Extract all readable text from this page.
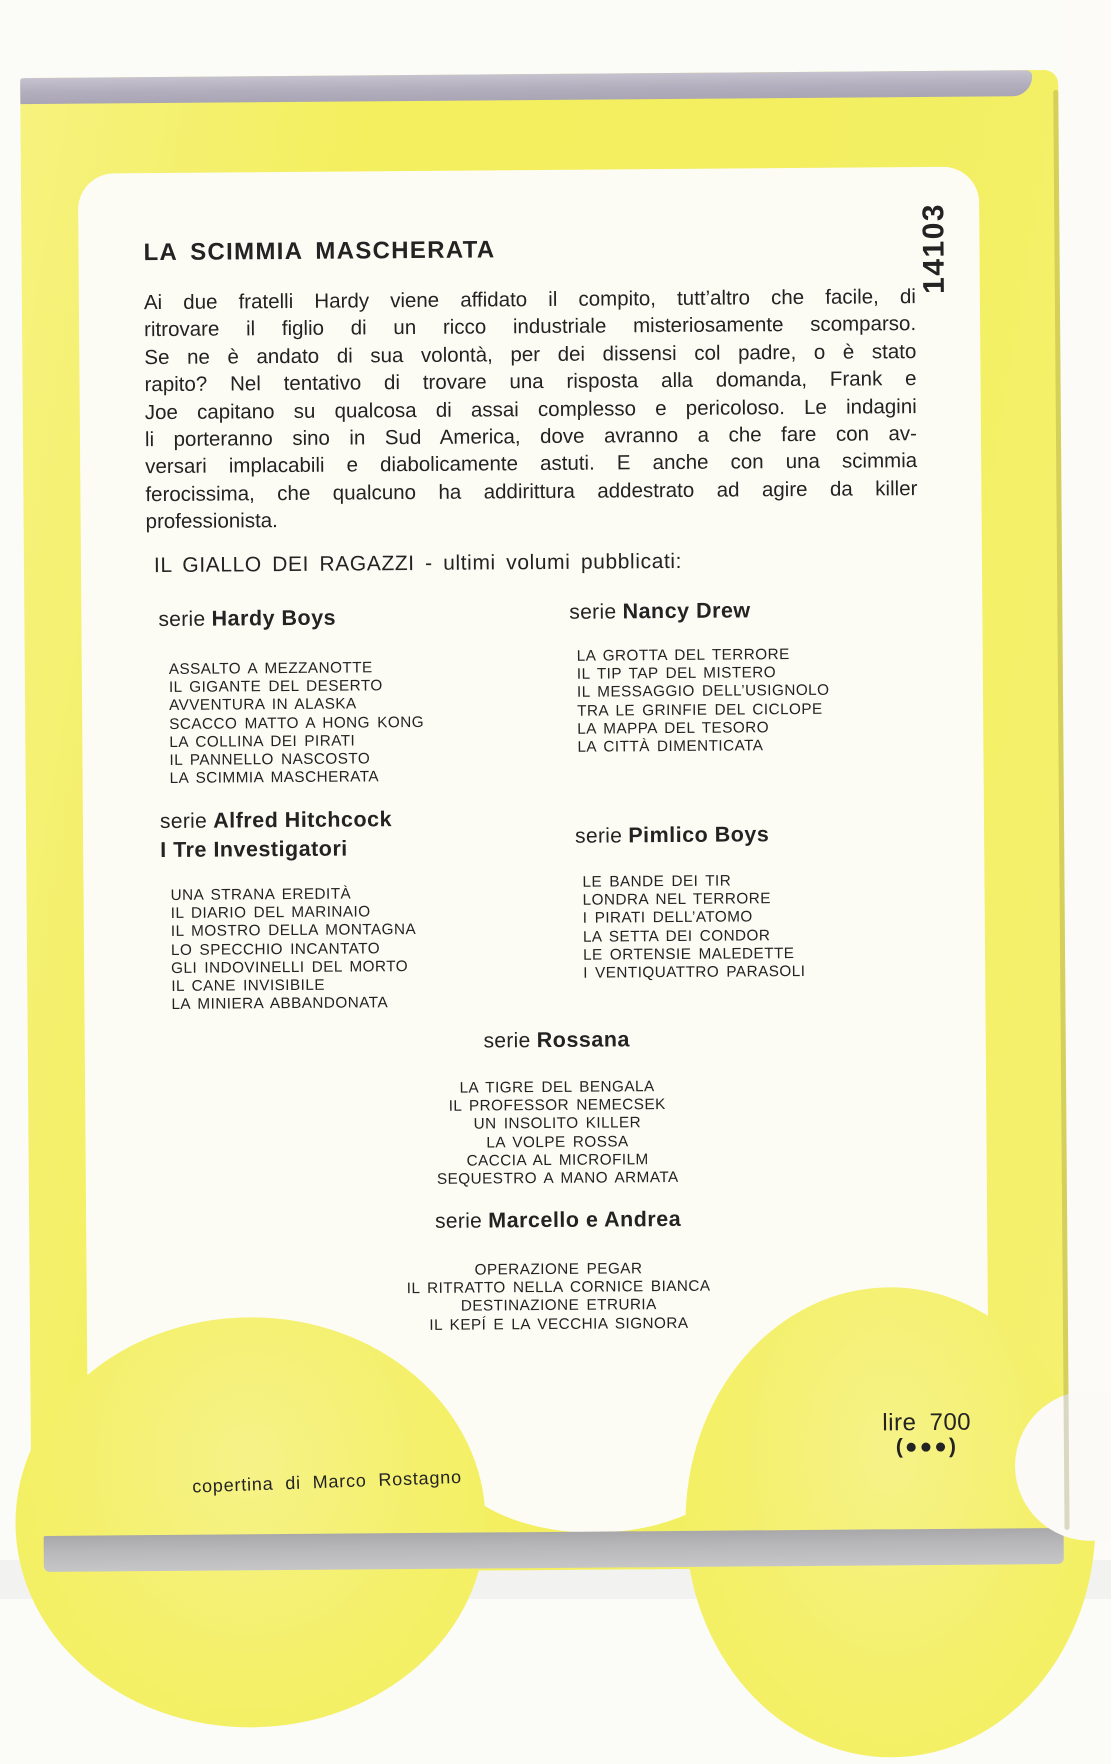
14103
LA SCIMMIA MASCHERATA
Ai due fratelli Hardy viene affidato il compito, tutt’altro che facile, di
ritrovare il figlio di un ricco industriale misteriosamente scomparso.
Se ne è andato di sua volontà, per dei dissensi col padre, o è stato
rapito? Nel tentativo di trovare una risposta alla domanda, Frank e
Joe capitano su qualcosa di assai complesso e pericoloso. Le indagini
li porteranno sino in Sud America, dove avranno a che fare con av-
versari implacabili e diabolicamente astuti. E anche con una scimmia
ferocissima, che qualcuno ha addirittura addestrato ad agire da killer
professionista.
IL GIALLO DEI RAGAZZI - ultimi volumi pubblicati:
serie Hardy Boys
ASSALTO A MEZZANOTTE
IL GIGANTE DEL DESERTO
AVVENTURA IN ALASKA
SCACCO MATTO A HONG KONG
LA COLLINA DEI PIRATI
IL PANNELLO NASCOSTO
LA SCIMMIA MASCHERATA
serie Nancy Drew
LA GROTTA DEL TERRORE
IL TIP TAP DEL MISTERO
IL MESSAGGIO DELL’USIGNOLO
TRA LE GRINFIE DEL CICLOPE
LA MAPPA DEL TESORO
LA CITTÀ DIMENTICATA
serie Alfred Hitchcock
I Tre Investigatori
UNA STRANA EREDITÀ
IL DIARIO DEL MARINAIO
IL MOSTRO DELLA MONTAGNA
LO SPECCHIO INCANTATO
GLI INDOVINELLI DEL MORTO
IL CANE INVISIBILE
LA MINIERA ABBANDONATA
serie Pimlico Boys
LE BANDE DEI TIR
LONDRA NEL TERRORE
I PIRATI DELL’ATOMO
LA SETTA DEI CONDOR
LE ORTENSIE MALEDETTE
I VENTIQUATTRO PARASOLI
serie Rossana
LA TIGRE DEL BENGALA
IL PROFESSOR NEMECSEK
UN INSOLITO KILLER
LA VOLPE ROSSA
CACCIA AL MICROFILM
SEQUESTRO A MANO ARMATA
serie Marcello e Andrea
OPERAZIONE PEGAR
IL RITRATTO NELLA CORNICE BIANCA
DESTINAZIONE ETRURIA
IL KEPÍ E LA VECCHIA SIGNORA
lire 700
(●●●)
copertina di Marco Rostagno
